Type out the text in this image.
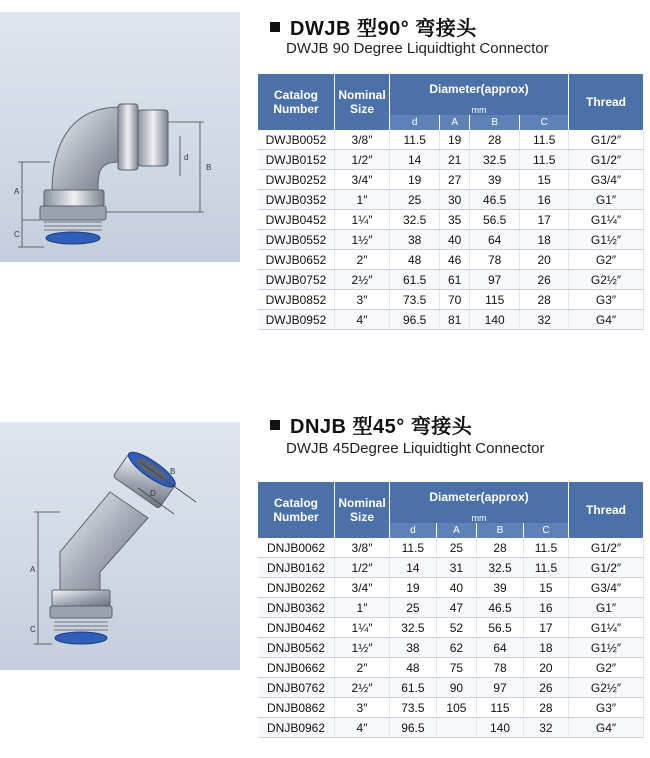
A
B
C
d
DWJB 型90° 弯接头
DWJB 90 Degree Liquidtight Connector
Catalog Number	Nominal Size	Diameter(approx)				Thread
		mm				
		d	A	B	C	
DWJB0052	3/8″	11.5	19	28	11.5	G1/2″
DWJB0152	1/2″	14	21	32.5	11.5	G1/2″
DWJB0252	3/4″	19	27	39	15	G3/4″
DWJB0352	1″	25	30	46.5	16	G1″
DWJB0452	1¼″	32.5	35	56.5	17	G1¼″
DWJB0552	1½″	38	40	64	18	G1½″
DWJB0652	2″	48	46	78	20	G2″
DWJB0752	2½″	61.5	61	97	26	G2½″
DWJB0852	3″	73.5	70	115	28	G3″
DWJB0952	4″	96.5	81	140	32	G4″
A
B
C
D
DNJB 型45° 弯接头
DWJB 45Degree Liquidtight Connector
Catalog Number	Nominal Size	Diameter(approx)				Thread
		mm				
		d	A	B	C	
DNJB0062	3/8″	11.5	25	28	11.5	G1/2″
DNJB0162	1/2″	14	31	32.5	11.5	G1/2″
DNJB0262	3/4″	19	40	39	15	G3/4″
DNJB0362	1″	25	47	46.5	16	G1″
DNJB0462	1¼″	32.5	52	56.5	17	G1¼″
DNJB0562	1½″	38	62	64	18	G1½″
DNJB0662	2″	48	75	78	20	G2″
DNJB0762	2½″	61.5	90	97	26	G2½″
DNJB0862	3″	73.5	105	115	28	G3″
DNJB0962	4″	96.5		140	32	G4″
